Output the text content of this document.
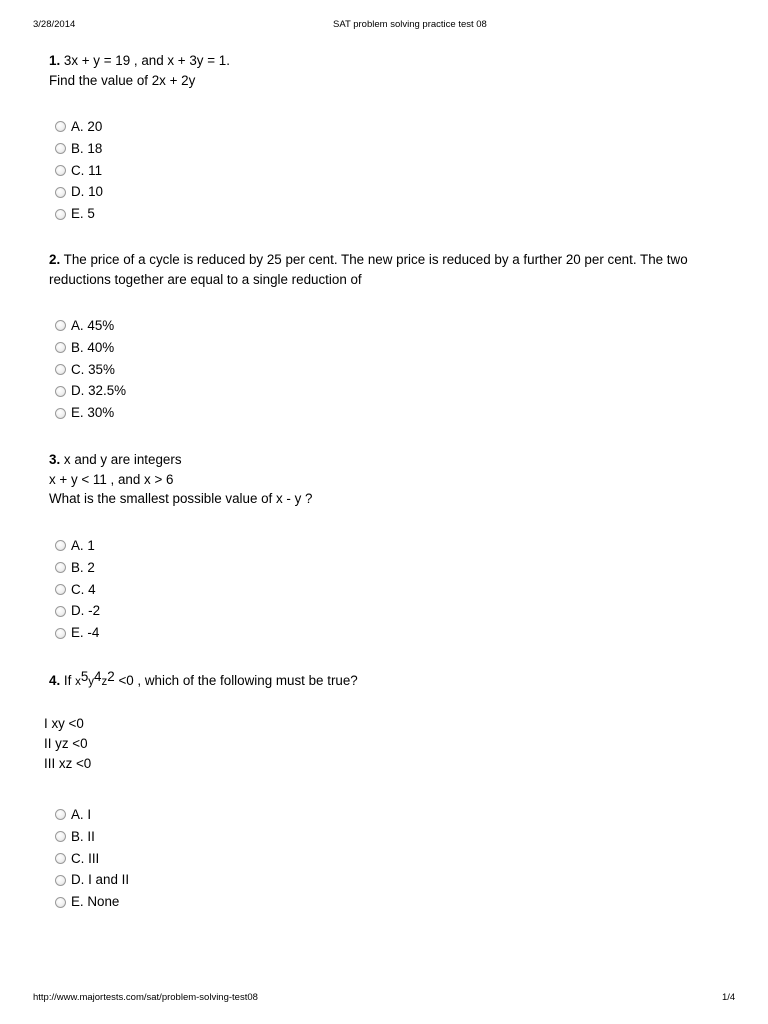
3/28/2014	SAT problem solving practice test 08
1. 3x + y = 19 , and x + 3y = 1.
Find the value of 2x + 2y
A. 20
B. 18
C. 11
D. 10
E. 5
2. The price of a cycle is reduced by 25 per cent. The new price is reduced by a further 20 per cent. The two
reductions together are equal to a single reduction of
A. 45%
B. 40%
C. 35%
D. 32.5%
E. 30%
3. x and y are integers
x + y < 11 , and x > 6
What is the smallest possible value of x - y ?
A. 1
B. 2
C. 4
D. -2
E. -4
4. If $x^5y^4z^2 <0$ , which of the following must be true?
I xy <0
II yz <0
III xz <0
A. I
B. II
C. III
D. I and II
E. None
http://www.majortests.com/sat/problem-solving-test08	1/4
